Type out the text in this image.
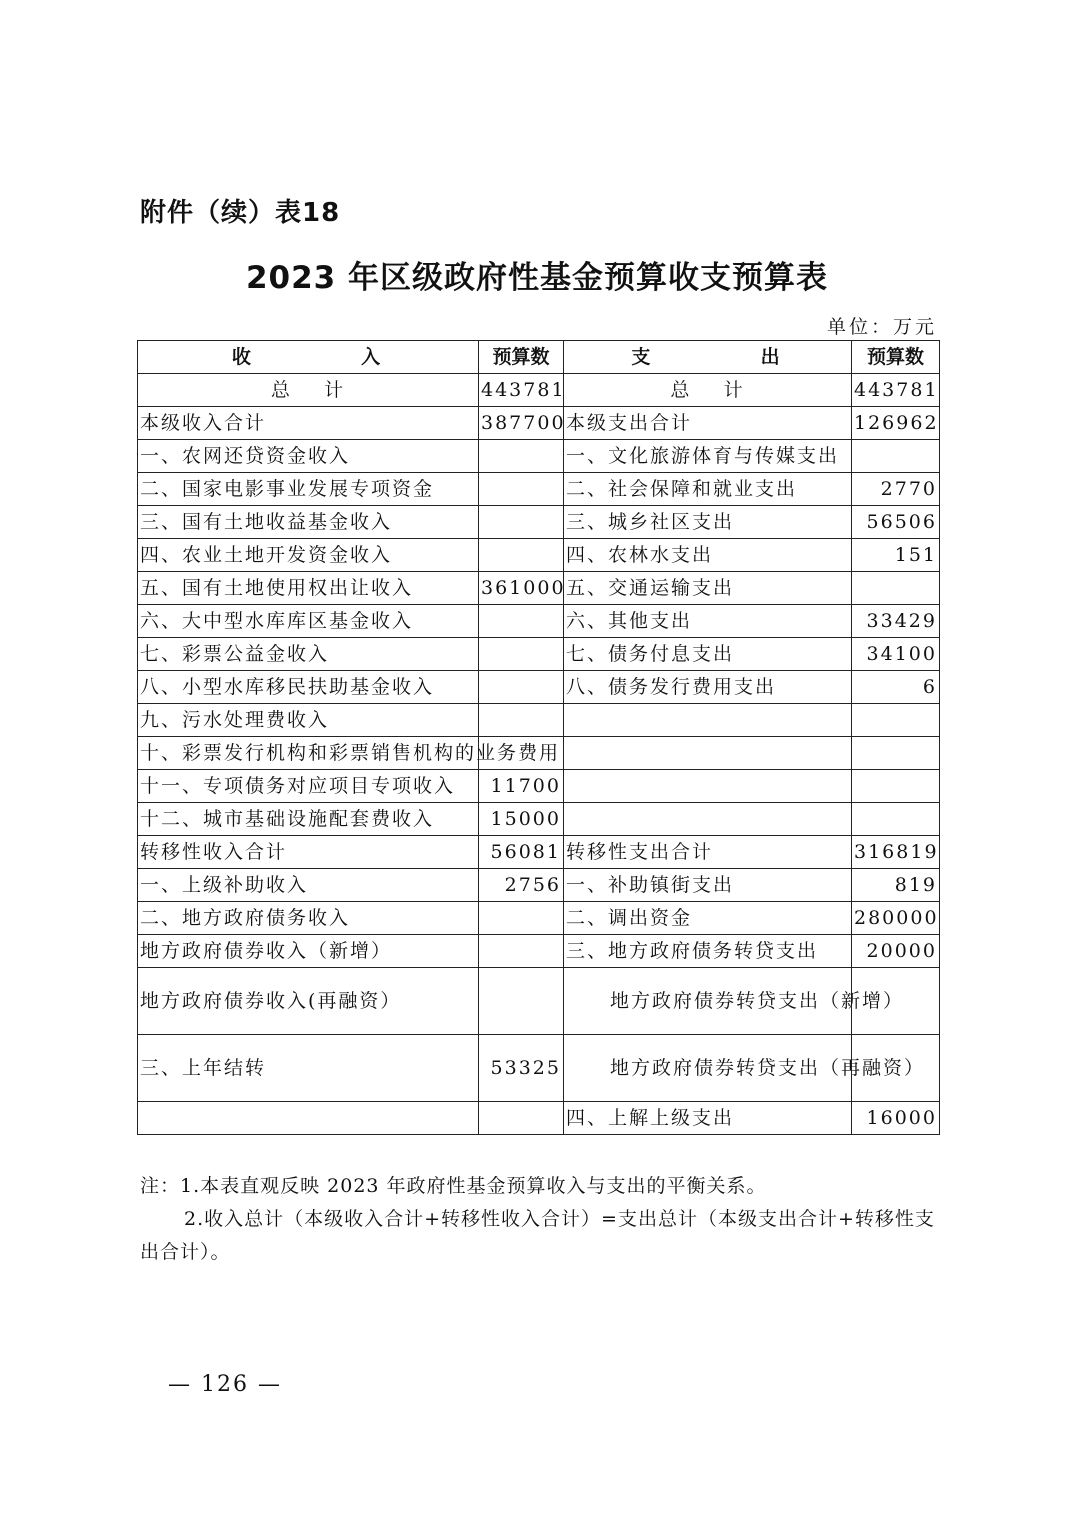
附件（续）表18
2023 年区级政府性基金预算收支预算表
单位：万元
收          入	预算数	支          出	预算数
总    计	443781	总    计	443781
本级收入合计	387700	本级支出合计	126962
一、农网还贷资金收入		一、文化旅游体育与传媒支出	
二、国家电影事业发展专项资金		二、社会保障和就业支出	2770
三、国有土地收益基金收入		三、城乡社区支出	56506
四、农业土地开发资金收入		四、农林水支出	151
五、国有土地使用权出让收入	361000	五、交通运输支出	
六、大中型水库库区基金收入		六、其他支出	33429
七、彩票公益金收入		七、债务付息支出	34100
八、小型水库移民扶助基金收入		八、债务发行费用支出	6
九、污水处理费收入			
十、彩票发行机构和彩票销售机构的业务费用			
十一、专项债务对应项目专项收入	11700		
十二、城市基础设施配套费收入	15000		
转移性收入合计	56081	转移性支出合计	316819
一、上级补助收入	2756	一、补助镇街支出	819
二、地方政府债务收入		二、调出资金	280000
地方政府债券收入（新增）		三、地方政府债务转贷支出	20000
地方政府债券收入(再融资）		地方政府债券转贷支出（新增）	
三、上年结转	53325	地方政府债券转贷支出（再融资）	
		四、上解上级支出	16000

注：1.本表直观反映 2023 年政府性基金预算收入与支出的平衡关系。

2.收入总计（本级收入合计+转移性收入合计）=支出总计（本级支出合计+转移性支出合计）。

— 126 —
